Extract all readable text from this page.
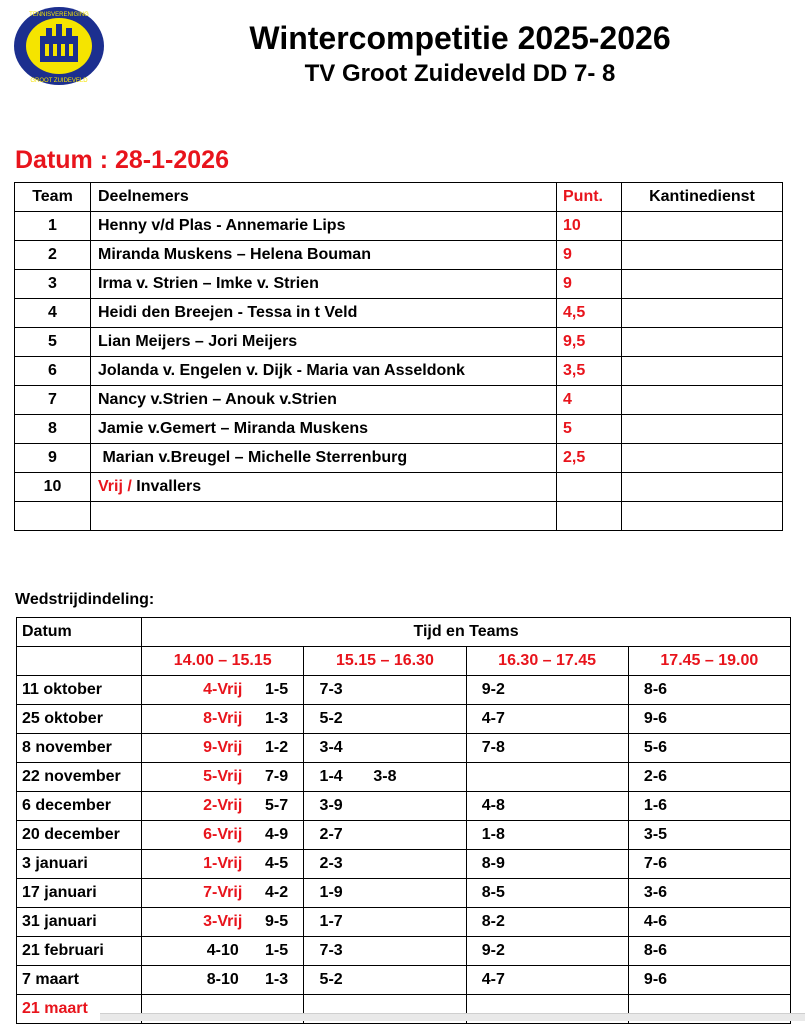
TENNISVERENIGING
GROOT ZUIDEVELD
Wintercompetitie 2025-2026
TV Groot Zuideveld DD 7- 8
Datum : 28-1-2026
Team	Deelnemers	Punt.	Kantinedienst
1	Henny v/d Plas - Annemarie Lips	10	
2	Miranda Muskens – Helena Bouman	9	
3	Irma v. Strien – Imke v. Strien	9	
4	Heidi den Breejen - Tessa in t Veld	4,5	
5	Lian Meijers – Jori Meijers	9,5	
6	Jolanda v. Engelen v. Dijk - Maria van Asseldonk	3,5	
7	Nancy v.Strien – Anouk v.Strien	4	
8	Jamie v.Gemert – Miranda Muskens	5	
9	Marian v.Breugel – Michelle Sterrenburg	2,5	
10	Vrij / Invallers		

Wedstrijdindeling:
Datum	Tijd en Teams											
	14.00 – 15.15			15.15 – 16.30			16.30 – 17.45			17.45 – 19.00		
11 oktober		4-Vrij	1-5	7-3			9-2			8-6		
25 oktober		8-Vrij	1-3	5-2			4-7			9-6		
8 november		9-Vrij	1-2	3-4			7-8			5-6		
22 november		5-Vrij	7-9	1-4	3-8					2-6		
6 december		2-Vrij	5-7	3-9			4-8			1-6		
20 december		6-Vrij	4-9	2-7			1-8			3-5		
3 januari		1-Vrij	4-5	2-3			8-9			7-6		
17 januari		7-Vrij	4-2	1-9			8-5			3-6		
31 januari		3-Vrij	9-5	1-7			8-2			4-6		
21 februari		4-10	1-5	7-3			9-2			8-6		
7 maart		8-10	1-3	5-2			4-7			9-6		
21 maart												
